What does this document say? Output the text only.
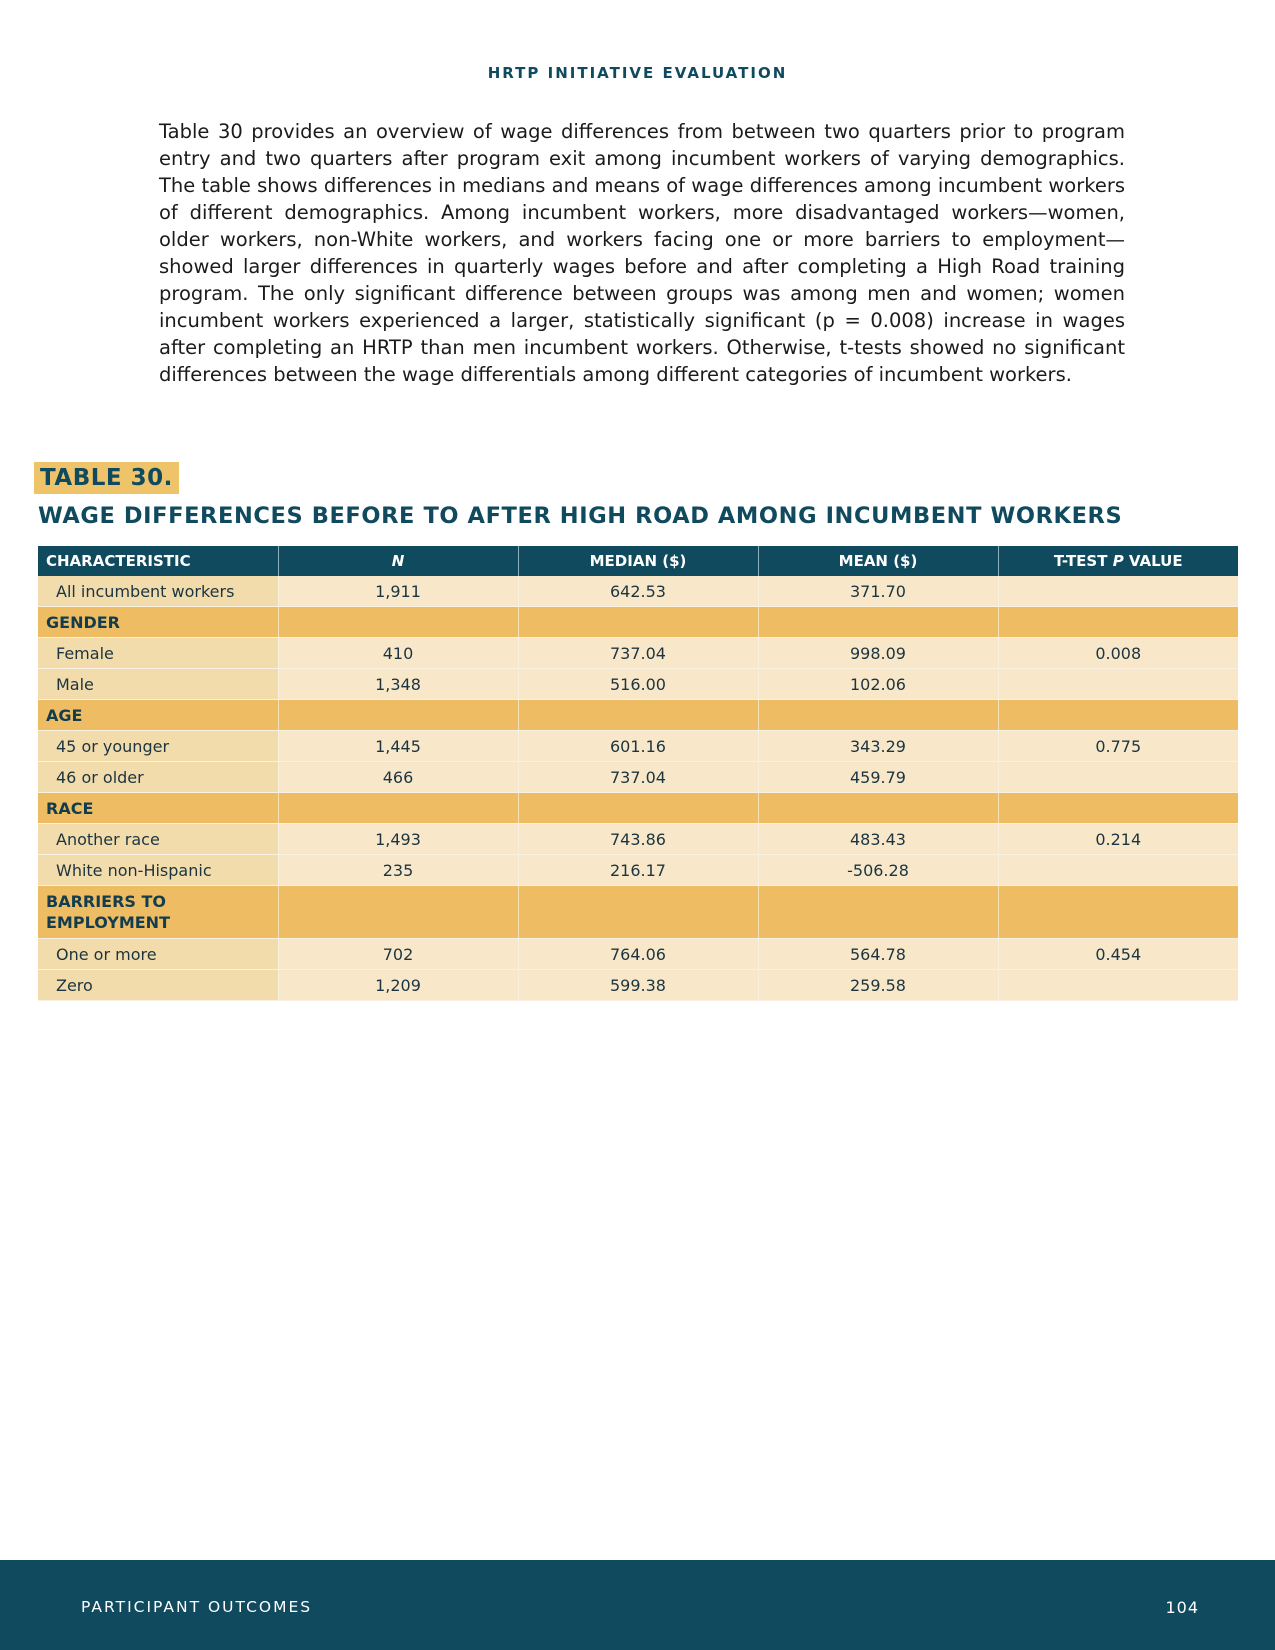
HRTP INITIATIVE EVALUATION

Table 30 provides an overview of wage differences from between two quarters prior to program entry and two quarters after program exit among incumbent workers of varying demographics. The table shows differences in medians and means of wage differences among incumbent workers of different demographics. Among incumbent workers, more disadvantaged workers—women, older workers, non-White workers, and workers facing one or more barriers to employment—showed larger differences in quarterly wages before and after completing a High Road training program. The only significant difference between groups was among men and women; women incumbent workers experienced a larger, statistically significant (p = 0.008) increase in wages after completing an HRTP than men incumbent workers. Otherwise, t-tests showed no significant differences between the wage differentials among different categories of incumbent workers.

TABLE 30.
WAGE DIFFERENCES BEFORE TO AFTER HIGH ROAD AMONG INCUMBENT WORKERS
CHARACTERISTIC	N	MEDIAN ($)	MEAN ($)	T-TEST P VALUE
All incumbent workers	1,911	642.53	371.70	
GENDER				
Female	410	737.04	998.09	0.008
Male	1,348	516.00	102.06	
AGE				
45 or younger	1,445	601.16	343.29	0.775
46 or older	466	737.04	459.79	
RACE				
Another race	1,493	743.86	483.43	0.214
White non-Hispanic	235	216.17	-506.28	
BARRIERS TO EMPLOYMENT				
One or more	702	764.06	564.78	0.454
Zero	1,209	599.38	259.58	
PARTICIPANT OUTCOMES	104
